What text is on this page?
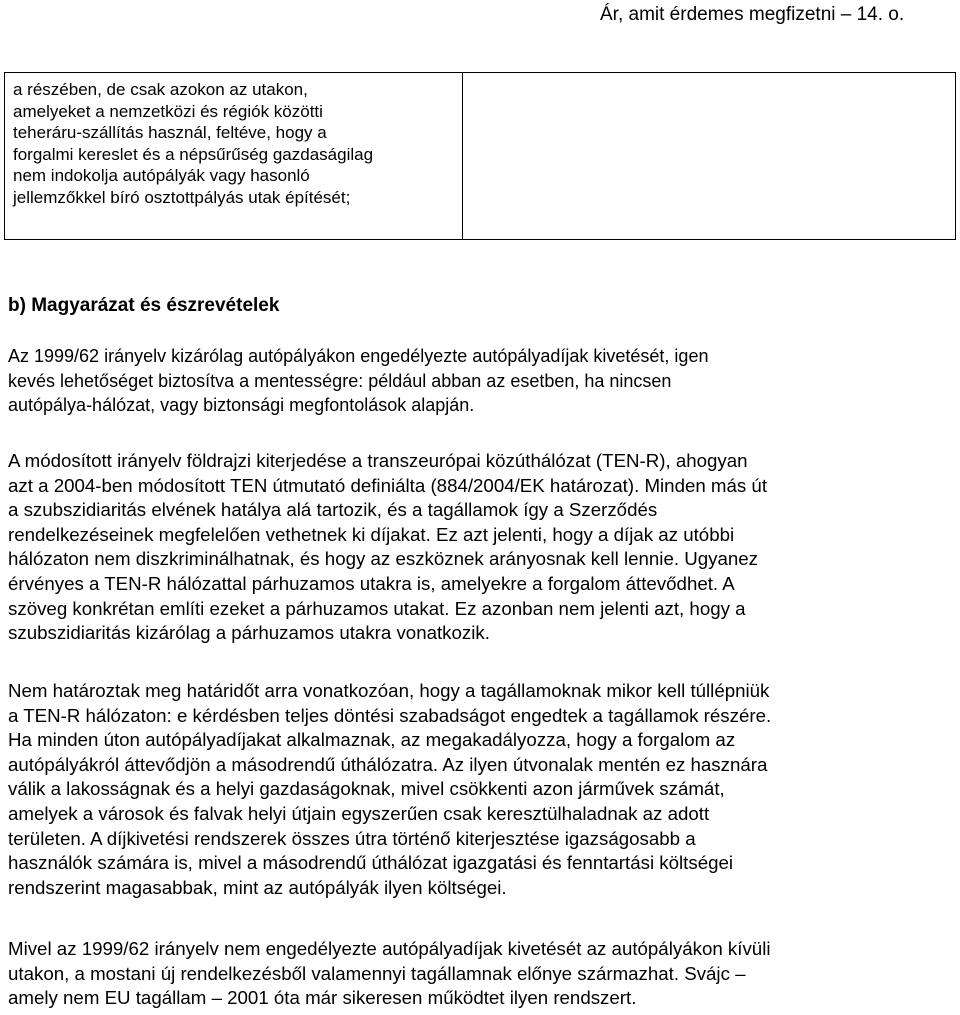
Ár, amit érdemes megfizetni – 14. o.
a részében, de csak azokon az utakon,
amelyeket a nemzetközi és régiók közötti
teheráru-szállítás használ, feltéve, hogy a
forgalmi kereslet és a népsűrűség gazdaságilag
nem indokolja autópályák vagy hasonló
jellemzőkkel bíró osztottpályás utak építését;
b) Magyarázat és észrevételek
Az 1999/62 irányelv kizárólag autópályákon engedélyezte autópályadíjak kivetését, igen
kevés lehetőséget biztosítva a mentességre: például abban az esetben, ha nincsen
autópálya-hálózat, vagy biztonsági megfontolások alapján.
A módosított irányelv földrajzi kiterjedése a transzeurópai közúthálózat (TEN-R), ahogyan
azt a 2004-ben módosított TEN útmutató definiálta (884/2004/EK határozat). Minden más út
a szubszidiaritás elvének hatálya alá tartozik, és a tagállamok így a Szerződés
rendelkezéseinek megfelelően vethetnek ki díjakat. Ez azt jelenti, hogy a díjak az utóbbi
hálózaton nem diszkriminálhatnak, és hogy az eszköznek arányosnak kell lennie. Ugyanez
érvényes a TEN-R hálózattal párhuzamos utakra is, amelyekre a forgalom áttevődhet. A
szöveg konkrétan említi ezeket a párhuzamos utakat. Ez azonban nem jelenti azt, hogy a
szubszidiaritás kizárólag a párhuzamos utakra vonatkozik.
Nem határoztak meg határidőt arra vonatkozóan, hogy a tagállamoknak mikor kell túllépniük
a TEN-R hálózaton: e kérdésben teljes döntési szabadságot engedtek a tagállamok részére.
Ha minden úton autópályadíjakat alkalmaznak, az megakadályozza, hogy a forgalom az
autópályákról áttevődjön a másodrendű úthálózatra. Az ilyen útvonalak mentén ez hasznára
válik a lakosságnak és a helyi gazdaságoknak, mivel csökkenti azon járművek számát,
amelyek a városok és falvak helyi útjain egyszerűen csak keresztülhaladnak az adott
területen. A díjkivetési rendszerek összes útra történő kiterjesztése igazságosabb a
használók számára is, mivel a másodrendű úthálózat igazgatási és fenntartási költségei
rendszerint magasabbak, mint az autópályák ilyen költségei.
Mivel az 1999/62 irányelv nem engedélyezte autópályadíjak kivetését az autópályákon kívüli
utakon, a mostani új rendelkezésből valamennyi tagállamnak előnye származhat. Svájc –
amely nem EU tagállam – 2001 óta már sikeresen működtet ilyen rendszert.
